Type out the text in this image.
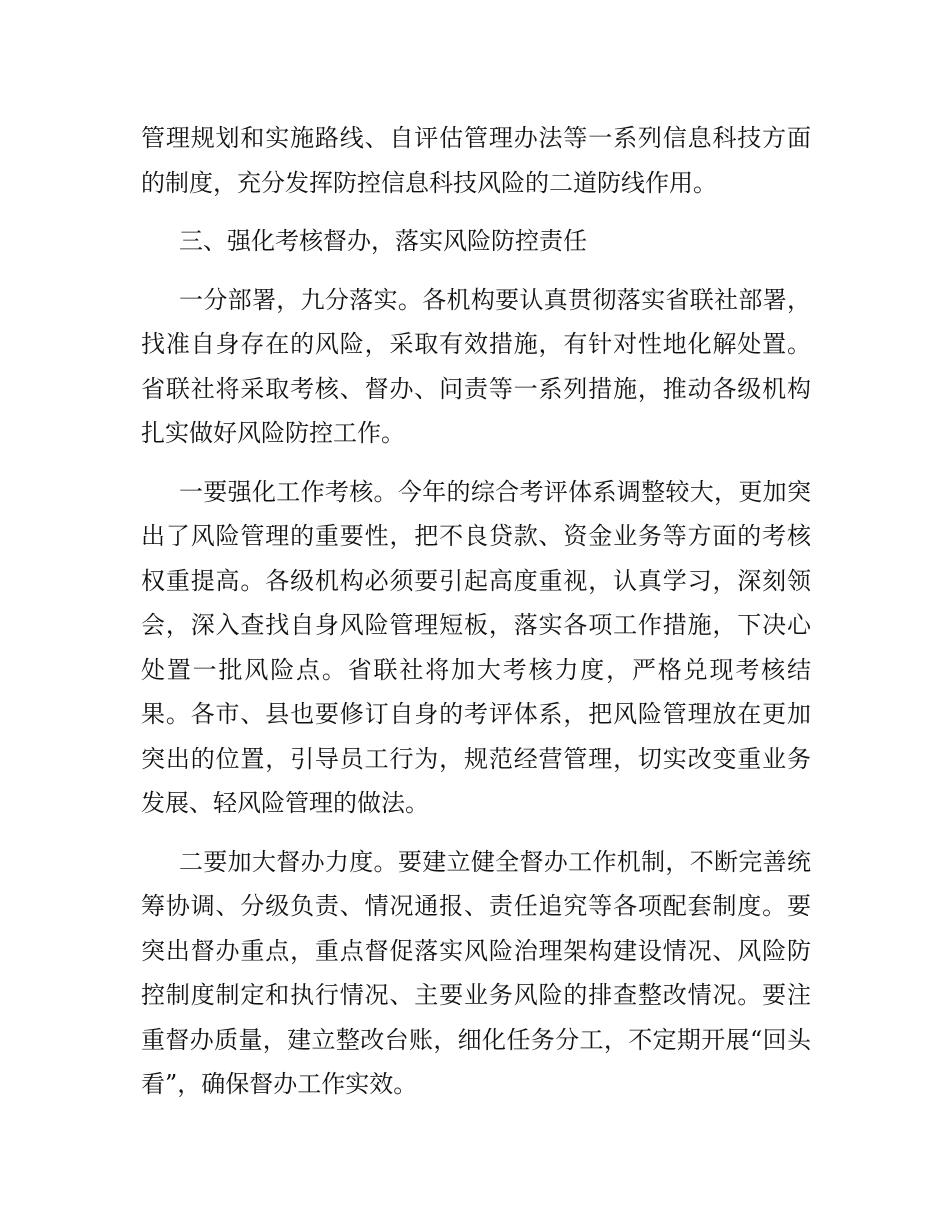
管理规划和实施路线、自评估管理办法等一系列信息科技方面的制度，充分发挥防控信息科技风险的二道防线作用。

三、强化考核督办，落实风险防控责任

一分部署，九分落实。各机构要认真贯彻落实省联社部署，找准自身存在的风险，采取有效措施，有针对性地化解处置。省联社将采取考核、督办、问责等一系列措施，推动各级机构扎实做好风险防控工作。

一要强化工作考核。今年的综合考评体系调整较大，更加突出了风险管理的重要性，把不良贷款、资金业务等方面的考核权重提高。各级机构必须要引起高度重视，认真学习，深刻领会，深入查找自身风险管理短板，落实各项工作措施，下决心处置一批风险点。省联社将加大考核力度，严格兑现考核结果。各市、县也要修订自身的考评体系，把风险管理放在更加突出的位置，引导员工行为，规范经营管理，切实改变重业务发展、轻风险管理的做法。

二要加大督办力度。要建立健全督办工作机制，不断完善统筹协调、分级负责、情况通报、责任追究等各项配套制度。要突出督办重点，重点督促落实风险治理架构建设情况、风险防控制度制定和执行情况、主要业务风险的排查整改情况。要注重督办质量，建立整改台账，细化任务分工，不定期开展“回头看”，确保督办工作实效。
